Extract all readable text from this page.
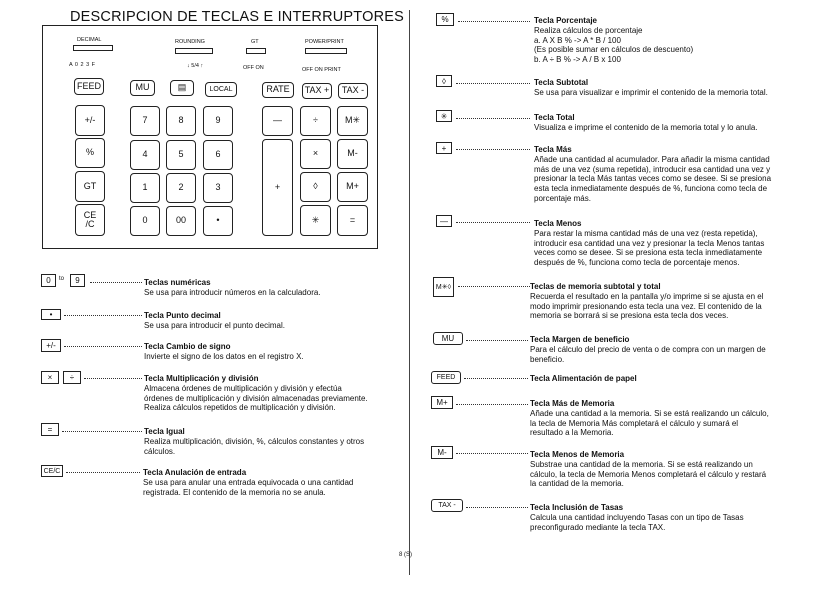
DESCRIPCION DE TECLAS E INTERRUPTORES
DECIMAL
A 0 2 3 F
ROUNDING
↓ 5/4 ↑
GT
OFF ON
POWER/PRINT
OFF ON PRINT
FEED	MU	▤	LOCAL	RATE	TAX +	TAX -
+/-
%
GT
CE
/C
7	8	9
4	5	6
1	2	3
0	00	•
—	÷	M✳
+
×	M-
◊	M+
✳	=
0	to	9	Teclas numéricas
Se usa para introducir números en la calculadora.
•	Tecla Punto decimal
Se usa para introducir el punto decimal.
+/-	Tecla Cambio de signo
Invierte el signo de los datos en el registro X.
×	÷	Tecla Multiplicación y división
Almacena órdenes de multiplicación y división y efectúa
órdenes de multiplicación y división almacenadas previamente.
Realiza cálculos repetidos de multiplicación y división.
=	Tecla Igual
Realiza multiplicación, división, %, cálculos constantes y otros
cálculos.
CE/C	Tecla Anulación de entrada
Se usa para anular una entrada equivocada o una cantidad
registrada. El contenido de la memoria no se anula.
%	Tecla Porcentaje
Realiza cálculos de porcentaje
a. A X B % -> A * B / 100
(Es posible sumar en cálculos de descuento)
b. A ÷ B % -> A / B x 100
◊	Tecla Subtotal
Se usa para visualizar e imprimir el contenido de la memoria total.
✳	Tecla Total
Visualiza e imprime el contenido de la memoria total y lo anula.
+	Tecla Más
Añade una cantidad al acumulador. Para añadir la misma cantidad
más de una vez (suma repetida), introducir esa cantidad una vez y
presionar la tecla Más tantas veces como se desee. Si se presiona
esta tecla inmediatamente después de %, funciona como tecla de
porcentaje más.
—	Tecla Menos
Para restar la misma cantidad más de una vez (resta repetida),
introducir esa cantidad una vez y presionar la tecla Menos tantas
veces como se desee. Si se presiona esta tecla inmediatamente
después de %, funciona como tecla de porcentaje menos.
M✳◊	Teclas de memoria subtotal y total
Recuerda el resultado en la pantalla y/o imprime si se ajusta en el
modo imprimir presionando esta tecla una vez. El contenido de la
memoria se borrará si se presiona esta tecla dos veces.
MU	Tecla Margen de beneficio
Para el cálculo del precio de venta o de compra con un margen de
beneficio.
FEED	Tecla Alimentación de papel
M+	Tecla Más de Memoria
Añade una cantidad a la memoria. Si se está realizando un cálculo,
la tecla de Memoria Más completará el cálculo y sumará el
resultado a la Memoria.
M-	Tecla Menos de Memoria
Substrae una cantidad de la memoria. Si se está realizando un
cálculo, la tecla de Memoria Menos completará el cálculo y restará
la cantidad de la memoria.
TAX -	Tecla Inclusión de Tasas
Calcula una cantidad incluyendo Tasas con un tipo de Tasas
preconfigurado mediante la tecla TAX.
8 (S)
